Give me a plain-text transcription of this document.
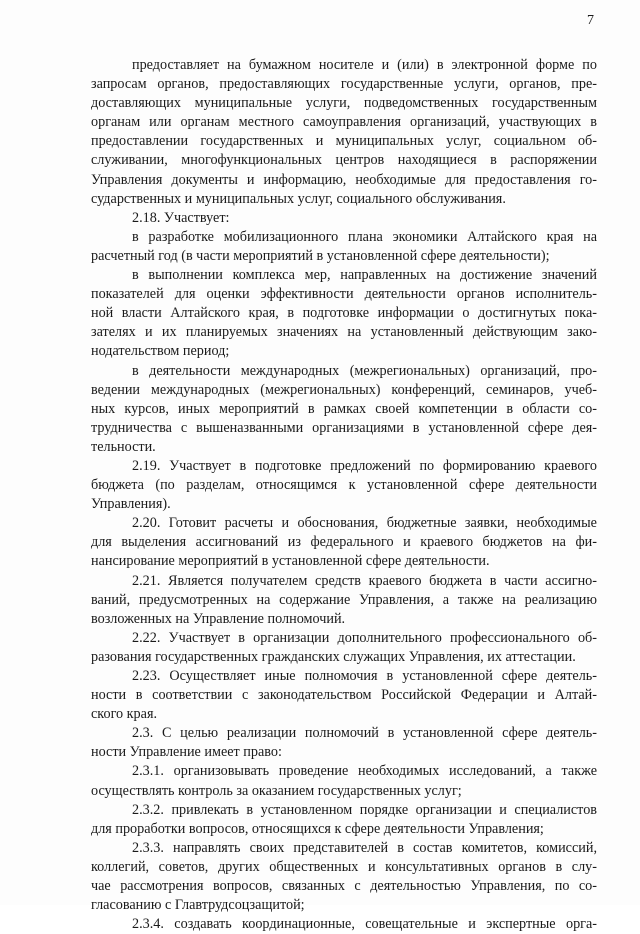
7
предоставляет на бумажном носителе и (или) в электронной форме по
запросам органов, предоставляющих государственные услуги, органов, пре-
доставляющих муниципальные услуги, подведомственных государственным
органам или органам местного самоуправления организаций, участвующих в
предоставлении государственных и муниципальных услуг, социальном об-
служивании, многофункциональных центров находящиеся в распоряжении
Управления документы и информацию, необходимые для предоставления го-
сударственных и муниципальных услуг, социального обслуживания.
2.18. Участвует:
в разработке мобилизационного плана экономики Алтайского края на
расчетный год (в части мероприятий в установленной сфере деятельности);
в выполнении комплекса мер, направленных на достижение значений
показателей для оценки эффективности деятельности органов исполнитель-
ной власти Алтайского края, в подготовке информации о достигнутых пока-
зателях и их планируемых значениях на установленный действующим зако-
нодательством период;
в деятельности международных (межрегиональных) организаций, про-
ведении международных (межрегиональных) конференций, семинаров, учеб-
ных курсов, иных мероприятий в рамках своей компетенции в области со-
трудничества с вышеназванными организациями в установленной сфере дея-
тельности.
2.19. Участвует в подготовке предложений по формированию краевого
бюджета (по разделам, относящимся к установленной сфере деятельности
Управления).
2.20. Готовит расчеты и обоснования, бюджетные заявки, необходимые
для выделения ассигнований из федерального и краевого бюджетов на фи-
нансирование мероприятий в установленной сфере деятельности.
2.21. Является получателем средств краевого бюджета в части ассигно-
ваний, предусмотренных на содержание Управления, а также на реализацию
возложенных на Управление полномочий.
2.22. Участвует в организации дополнительного профессионального об-
разования государственных гражданских служащих Управления, их аттестации.
2.23. Осуществляет иные полномочия в установленной сфере деятель-
ности в соответствии с законодательством Российской Федерации и Алтай-
ского края.
2.3. С целью реализации полномочий в установленной сфере деятель-
ности Управление имеет право:
2.3.1. организовывать проведение необходимых исследований, а также
осуществлять контроль за оказанием государственных услуг;
2.3.2. привлекать в установленном порядке организации и специалистов
для проработки вопросов, относящихся к сфере деятельности Управления;
2.3.3. направлять своих представителей в состав комитетов, комиссий,
коллегий, советов, других общественных и консультативных органов в слу-
чае рассмотрения вопросов, связанных с деятельностью Управления, по со-
гласованию с Главтрудсоцзащитой;
2.3.4. создавать координационные, совещательные и экспертные орга-
